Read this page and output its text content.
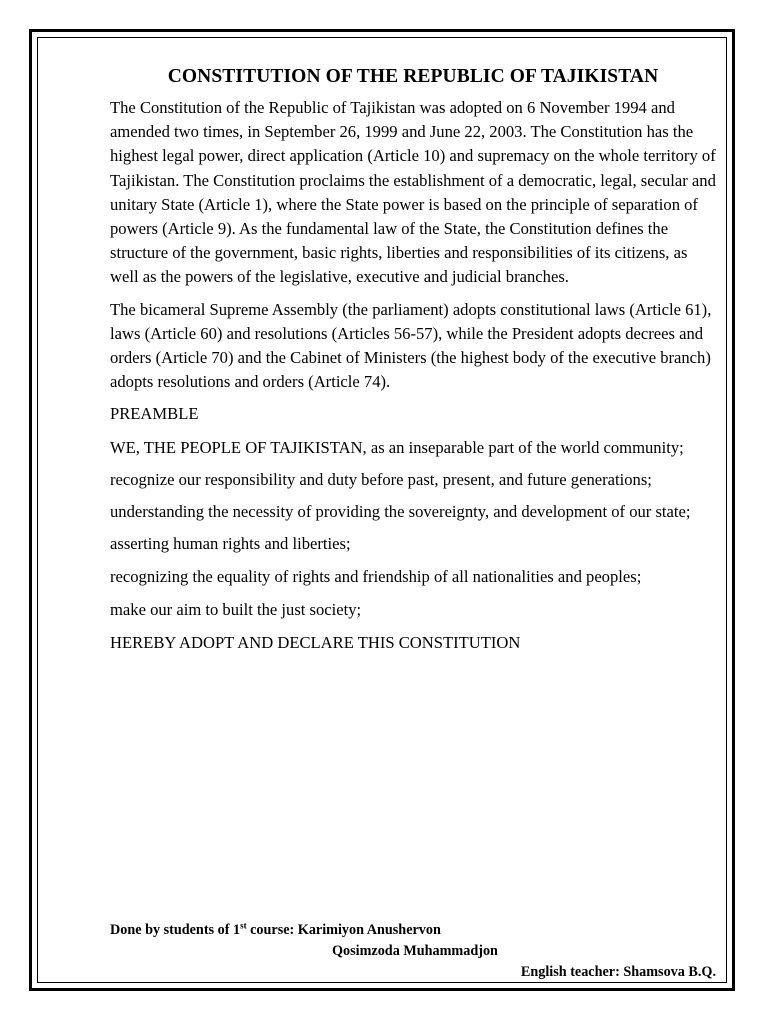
CONSTITUTION OF THE REPUBLIC OF TAJIKISTAN

The Constitution of the Republic of Tajikistan was adopted on 6 November 1994 and amended two times, in September 26, 1999 and June 22, 2003. The Constitution has the highest legal power, direct application (Article 10) and supremacy on the whole territory of Tajikistan. The Constitution proclaims the establishment of a democratic, legal, secular and unitary State (Article 1), where the State power is based on the principle of separation of powers (Article 9). As the fundamental law of the State, the Constitution defines the structure of the government, basic rights, liberties and responsibilities of its citizens, as well as the powers of the legislative, executive and judicial branches.

The bicameral Supreme Assembly (the parliament) adopts constitutional laws (Article 61), laws (Article 60) and resolutions (Articles 56-57), while the President adopts decrees and orders (Article 70) and the Cabinet of Ministers (the highest body of the executive branch) adopts resolutions and orders (Article 74).

PREAMBLE

WE, THE PEOPLE OF TAJIKISTAN, as an inseparable part of the world community;

recognize our responsibility and duty before past, present, and future generations;

understanding the necessity of providing the sovereignty, and development of our state;

asserting human rights and liberties;

recognizing the equality of rights and friendship of all nationalities and peoples;

make our aim to built the just society;

HEREBY ADOPT AND DECLARE THIS CONSTITUTION

Done by students of 1st course: Karimiyon Anushervon
Qosimzoda Muhammadjon
English teacher: Shamsova B.Q.
